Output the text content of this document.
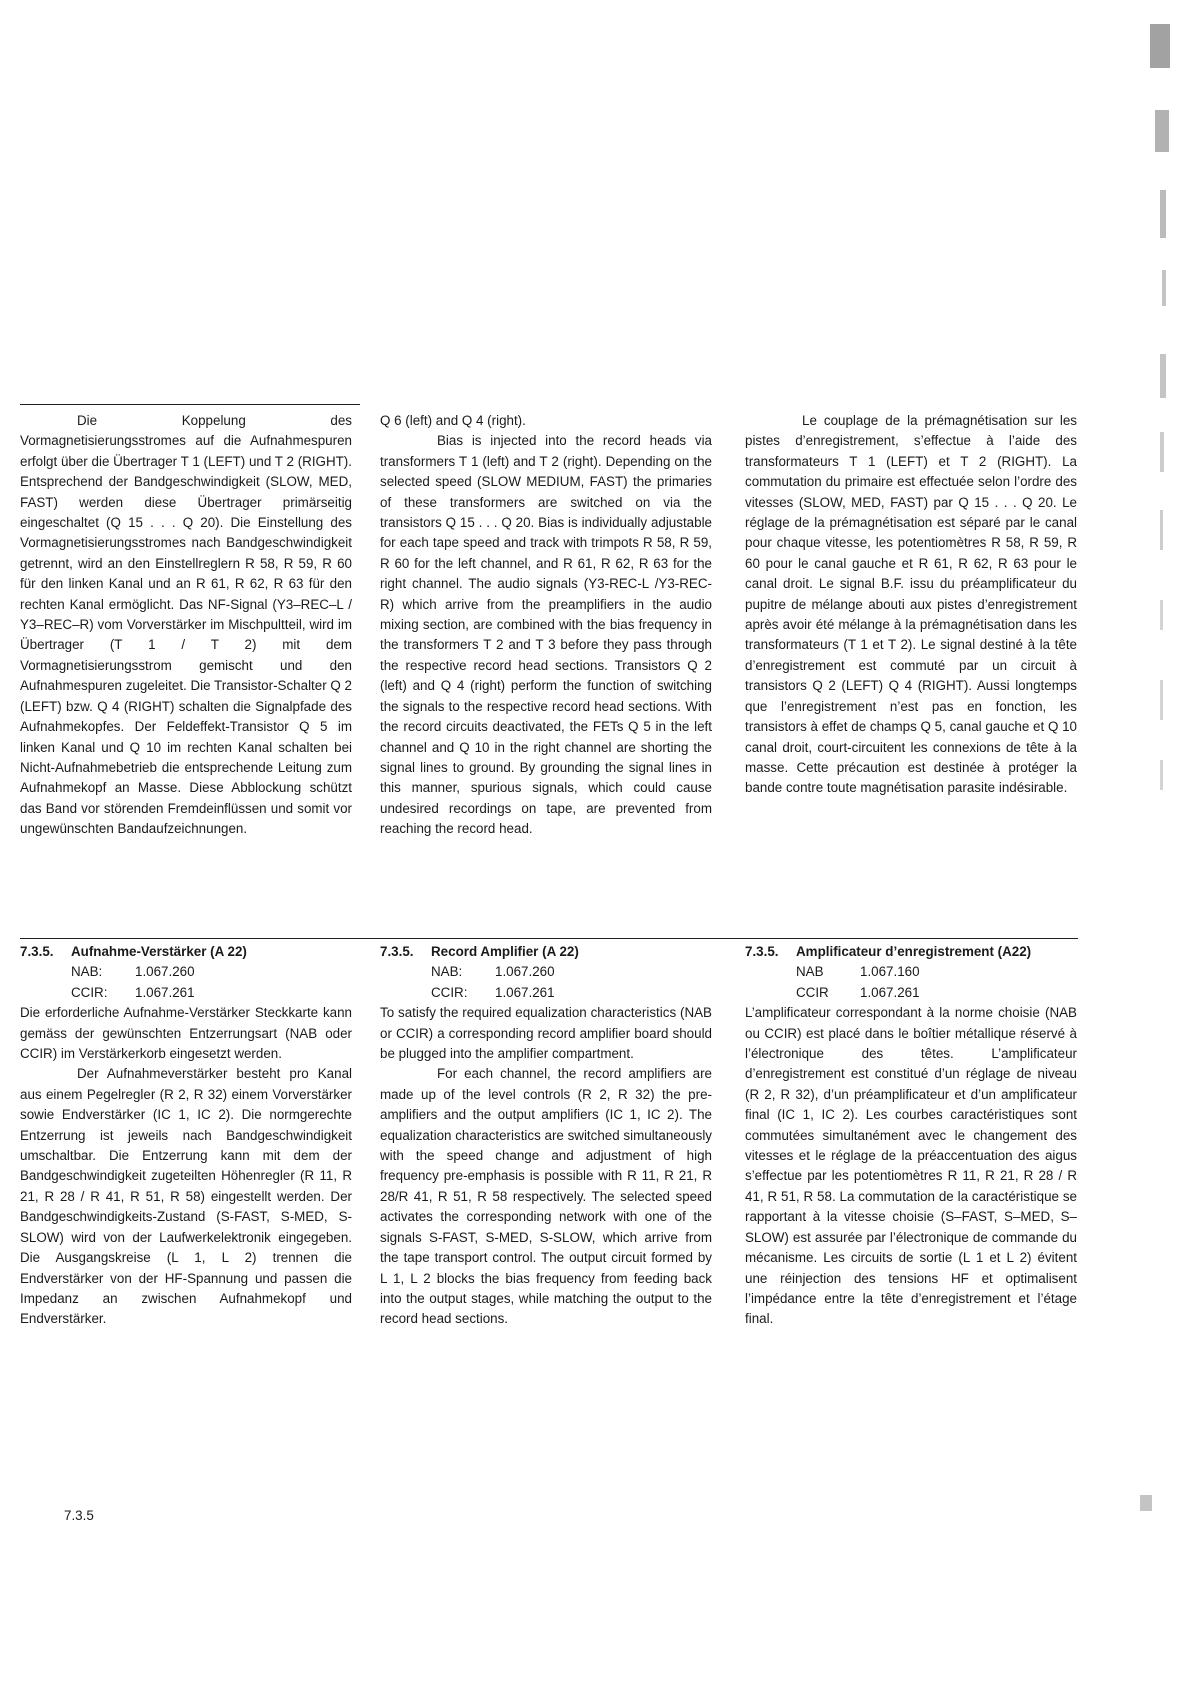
Die Koppelung des Vormagnetisierungsstromes auf die Aufnahmespuren erfolgt über die Übertrager T 1 (LEFT) und T 2 (RIGHT). Entsprechend der Bandgeschwindigkeit (SLOW, MED, FAST) werden diese Übertrager primärseitig eingeschaltet (Q 15 . . . Q 20). Die Einstellung des Vormagnetisierungsstromes nach Bandgeschwindigkeit getrennt, wird an den Einstellreglern R 58, R 59, R 60 für den linken Kanal und an R 61, R 62, R 63 für den rechten Kanal ermöglicht. Das NF-Signal (Y3–REC–L / Y3–REC–R) vom Vorverstärker im Mischpultteil, wird im Übertrager (T 1 / T 2) mit dem Vormagnetisierungsstrom gemischt und den Aufnahmespuren zugeleitet. Die Transistor-Schalter Q 2 (LEFT) bzw. Q 4 (RIGHT) schalten die Signalpfade des Aufnahmekopfes. Der Feldeffekt-Transistor Q 5 im linken Kanal und Q 10 im rechten Kanal schalten bei Nicht-Aufnahmebetrieb die entsprechende Leitung zum Aufnahmekopf an Masse. Diese Abblockung schützt das Band vor störenden Fremdeinflüssen und somit vor ungewünschten Bandaufzeichnungen.

Q 6 (left) and Q 4 (right).

Bias is injected into the record heads via transformers T 1 (left) and T 2 (right). Depending on the selected speed (SLOW MEDIUM, FAST) the primaries of these transformers are switched on via the transistors Q 15 . . . Q 20. Bias is individually adjustable for each tape speed and track with trimpots R 58, R 59, R 60 for the left channel, and R 61, R 62, R 63 for the right channel. The audio signals (Y3-REC-L /Y3-REC-R) which arrive from the preamplifiers in the audio mixing section, are combined with the bias frequency in the transformers T 2 and T 3 before they pass through the respective record head sections. Transistors Q 2 (left) and Q 4 (right) perform the function of switching the signals to the respective record head sections. With the record circuits deactivated, the FETs Q 5 in the left channel and Q 10 in the right channel are shorting the signal lines to ground. By grounding the signal lines in this manner, spurious signals, which could cause undesired recordings on tape, are prevented from reaching the record head.

Le couplage de la prémagnétisation sur les pistes d’enregistrement, s’effectue à l’aide des transformateurs T 1 (LEFT) et T 2 (RIGHT). La commutation du primaire est effectuée selon l’ordre des vitesses (SLOW, MED, FAST) par Q 15 . . . Q 20. Le réglage de la prémagnétisation est séparé par le canal pour chaque vitesse, les potentiomètres R 58, R 59, R 60 pour le canal gauche et R 61, R 62, R 63 pour le canal droit. Le signal B.F. issu du préamplificateur du pupitre de mélange abouti aux pistes d’enregistrement après avoir été mélange à la prémagnétisation dans les transformateurs (T 1 et T 2). Le signal destiné à la tête d’enregistrement est commuté par un circuit à transistors Q 2 (LEFT) Q 4 (RIGHT). Aussi longtemps que l’enregistrement n’est pas en fonction, les transistors à effet de champs Q 5, canal gauche et Q 10 canal droit, court-circuitent les connexions de tête à la masse. Cette précaution est destinée à protéger la bande contre toute magnétisation parasite indésirable.

7.3.5. Aufnahme-Verstärker (A 22)

NAB:	1.067.260
CCIR:	1.067.261

Die erforderliche Aufnahme-Verstärker Steckkarte kann gemäss der gewünschten Entzerrungsart (NAB oder CCIR) im Verstärkerkorb eingesetzt werden.

Der Aufnahmeverstärker besteht pro Kanal aus einem Pegelregler (R 2, R 32) einem Vorverstärker sowie Endverstärker (IC 1, IC 2). Die normgerechte Entzerrung ist jeweils nach Bandgeschwindigkeit umschaltbar. Die Entzerrung kann mit dem der Bandgeschwindigkeit zugeteilten Höhenregler (R 11, R 21, R 28 / R 41, R 51, R 58) eingestellt werden. Der Bandgeschwindigkeits-Zustand (S-FAST, S-MED, S-SLOW) wird von der Laufwerkelektronik eingegeben. Die Ausgangskreise (L 1, L 2) trennen die Endverstärker von der HF-Spannung und passen die Impedanz an zwischen Aufnahmekopf und Endverstärker.

7.3.5. Record Amplifier (A 22)

NAB:	1.067.260
CCIR:	1.067.261

To satisfy the required equalization characteristics (NAB or CCIR) a corresponding record amplifier board should be plugged into the amplifier compartment.

For each channel, the record amplifiers are made up of the level controls (R 2, R 32) the pre-amplifiers and the output amplifiers (IC 1, IC 2). The equalization characteristics are switched simultaneously with the speed change and adjustment of high frequency pre-emphasis is possible with R 11, R 21, R 28/R 41, R 51, R 58 respectively. The selected speed activates the corresponding network with one of the signals S-FAST, S-MED, S-SLOW, which arrive from the tape transport control. The output circuit formed by L 1, L 2 blocks the bias frequency from feeding back into the output stages, while matching the output to the record head sections.

7.3.5. Amplificateur d’enregistrement (A22)

NAB	1.067.160
CCIR	1.067.261

L’amplificateur correspondant à la norme choisie (NAB ou CCIR) est placé dans le boîtier métallique réservé à l’électronique des têtes. L’amplificateur d’enregistrement est constitué d’un réglage de niveau (R 2, R 32), d’un préamplificateur et d’un amplificateur final (IC 1, IC 2). Les courbes caractéristiques sont commutées simultanément avec le changement des vitesses et le réglage de la préaccentuation des aigus s’effectue par les potentiomètres R 11, R 21, R 28 / R 41, R 51, R 58. La commutation de la caractéristique se rapportant à la vitesse choisie (S–FAST, S–MED, S–SLOW) est assurée par l’électronique de commande du mécanisme. Les circuits de sortie (L 1 et L 2) évitent une réinjection des tensions HF et optimalisent l’impédance entre la tête d’enregistrement et l’étage final.

7.3.5
